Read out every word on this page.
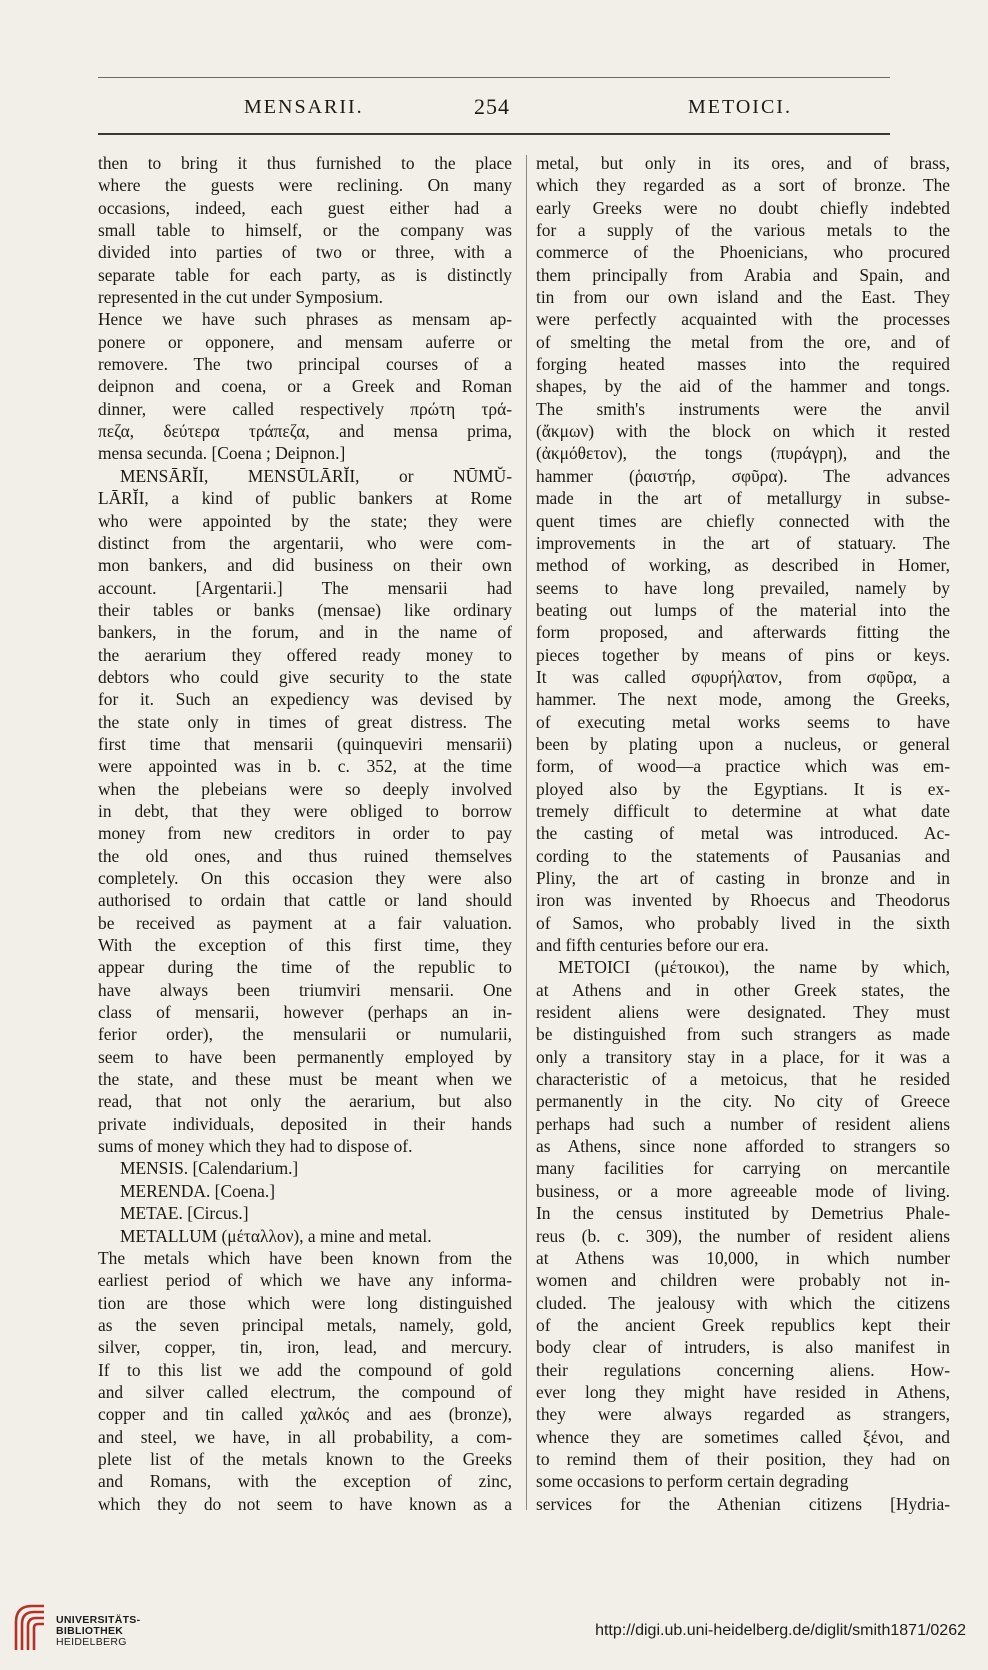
MENSARII.	254	METOICI.
then to bring it thus furnished to the place
where the guests were reclining. On many
occasions, indeed, each guest either had a
small table to himself, or the company was
divided into parties of two or three, with a
separate table for each party, as is distinctly
represented in the cut under Symposium.
Hence we have such phrases as mensam ap-
ponere or opponere, and mensam auferre or
removere. The two principal courses of a
deipnon and coena, or a Greek and Roman
dinner, were called respectively πρώτη τρά-
πεζα, δεύτερα τράπεζα, and mensa prima,
mensa secunda. [Coena ; Deipnon.]
MENSĀRĬI, MENSŪLĀRĬI, or NŪMŬ-
LĀRĬI, a kind of public bankers at Rome
who were appointed by the state; they were
distinct from the argentarii, who were com-
mon bankers, and did business on their own
account. [Argentarii.] The mensarii had
their tables or banks (mensae) like ordinary
bankers, in the forum, and in the name of
the aerarium they offered ready money to
debtors who could give security to the state
for it. Such an expediency was devised by
the state only in times of great distress. The
first time that mensarii (quinqueviri mensarii)
were appointed was in b. c. 352, at the time
when the plebeians were so deeply involved
in debt, that they were obliged to borrow
money from new creditors in order to pay
the old ones, and thus ruined themselves
completely. On this occasion they were also
authorised to ordain that cattle or land should
be received as payment at a fair valuation.
With the exception of this first time, they
appear during the time of the republic to
have always been triumviri mensarii. One
class of mensarii, however (perhaps an in-
ferior order), the mensularii or numularii,
seem to have been permanently employed by
the state, and these must be meant when we
read, that not only the aerarium, but also
private individuals, deposited in their hands
sums of money which they had to dispose of.
MENSIS. [Calendarium.]
MERENDA. [Coena.]
METAE. [Circus.]
METALLUM (μέταλλον), a mine and metal.
The metals which have been known from the
earliest period of which we have any informa-
tion are those which were long distinguished
as the seven principal metals, namely, gold,
silver, copper, tin, iron, lead, and mercury.
If to this list we add the compound of gold
and silver called electrum, the compound of
copper and tin called χαλκός and aes (bronze),
and steel, we have, in all probability, a com-
plete list of the metals known to the Greeks
and Romans, with the exception of zinc,
which they do not seem to have known as a
metal, but only in its ores, and of brass,
which they regarded as a sort of bronze. The
early Greeks were no doubt chiefly indebted
for a supply of the various metals to the
commerce of the Phoenicians, who procured
them principally from Arabia and Spain, and
tin from our own island and the East. They
were perfectly acquainted with the processes
of smelting the metal from the ore, and of
forging heated masses into the required
shapes, by the aid of the hammer and tongs.
The smith's instruments were the anvil
(ἄκμων) with the block on which it rested
(ἀκμόθετον), the tongs (πυράγρη), and the
hammer (ῥαιστήρ, σφῦρα). The advances
made in the art of metallurgy in subse-
quent times are chiefly connected with the
improvements in the art of statuary. The
method of working, as described in Homer,
seems to have long prevailed, namely by
beating out lumps of the material into the
form proposed, and afterwards fitting the
pieces together by means of pins or keys.
It was called σφυρήλατον, from σφῦρα, a
hammer. The next mode, among the Greeks,
of executing metal works seems to have
been by plating upon a nucleus, or general
form, of wood—a practice which was em-
ployed also by the Egyptians. It is ex-
tremely difficult to determine at what date
the casting of metal was introduced. Ac-
cording to the statements of Pausanias and
Pliny, the art of casting in bronze and in
iron was invented by Rhoecus and Theodorus
of Samos, who probably lived in the sixth
and fifth centuries before our era.
METOICI (μέτοικοι), the name by which,
at Athens and in other Greek states, the
resident aliens were designated. They must
be distinguished from such strangers as made
only a transitory stay in a place, for it was a
characteristic of a metoicus, that he resided
permanently in the city. No city of Greece
perhaps had such a number of resident aliens
as Athens, since none afforded to strangers so
many facilities for carrying on mercantile
business, or a more agreeable mode of living.
In the census instituted by Demetrius Phale-
reus (b. c. 309), the number of resident aliens
at Athens was 10,000, in which number
women and children were probably not in-
cluded. The jealousy with which the citizens
of the ancient Greek republics kept their
body clear of intruders, is also manifest in
their regulations concerning aliens. How-
ever long they might have resided in Athens,
they were always regarded as strangers,
whence they are sometimes called ξένοι, and
to remind them of their position, they had on
some occasions to perform certain degrading
services for the Athenian citizens [Hydria-
UNIVERSITÄTS-
BIBLIOTHEK
HEIDELBERG
http://digi.ub.uni-heidelberg.de/diglit/smith1871/0262
